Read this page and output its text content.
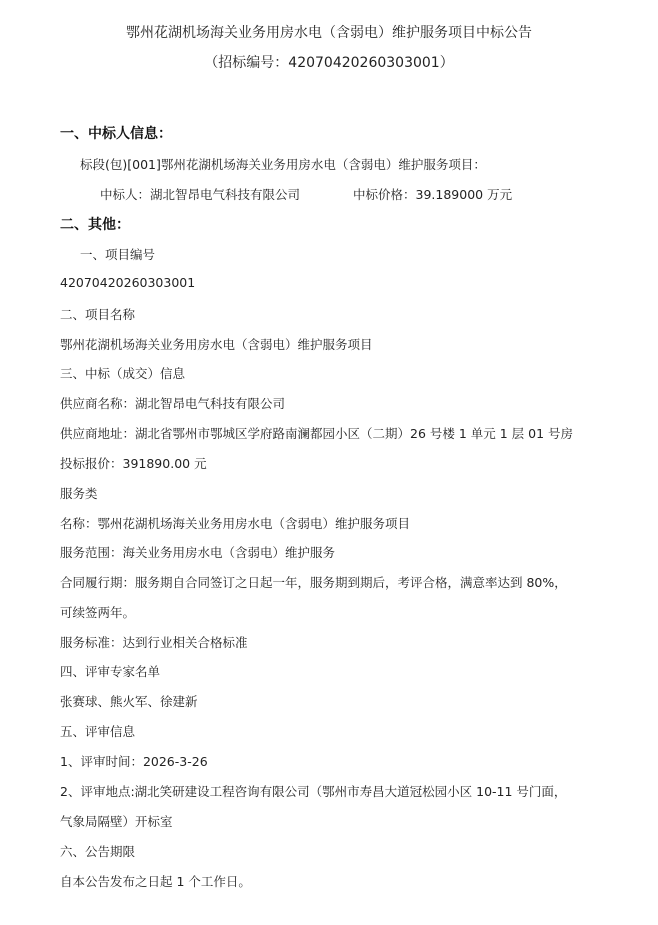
鄂州花湖机场海关业务用房水电（含弱电）维护服务项目中标公告
（招标编号：42070420260303001）
一、中标人信息：
标段(包)[001]鄂州花湖机场海关业务用房水电（含弱电）维护服务项目：
中标人：湖北智昂电气科技有限公司	中标价格：39.189000 万元
二、其他：
一、项目编号
42070420260303001
二、项目名称
鄂州花湖机场海关业务用房水电（含弱电）维护服务项目
三、中标（成交）信息
供应商名称：湖北智昂电气科技有限公司
供应商地址：湖北省鄂州市鄂城区学府路南澜都园小区（二期）26 号楼 1 单元 1 层 01 号房
投标报价：391890.00 元
服务类
名称：鄂州花湖机场海关业务用房水电（含弱电）维护服务项目
服务范围：海关业务用房水电（含弱电）维护服务
合同履行期：服务期自合同签订之日起一年，服务期到期后，考评合格，满意率达到 80%，
可续签两年。
服务标准：达到行业相关合格标准
四、评审专家名单
张赛球、熊火军、徐建新
五、评审信息
1、评审时间：2026-3-26
2、评审地点:湖北笑研建设工程咨询有限公司（鄂州市寿昌大道冠松园小区 10-11 号门面，
气象局隔壁）开标室
六、公告期限
自本公告发布之日起 1 个工作日。
